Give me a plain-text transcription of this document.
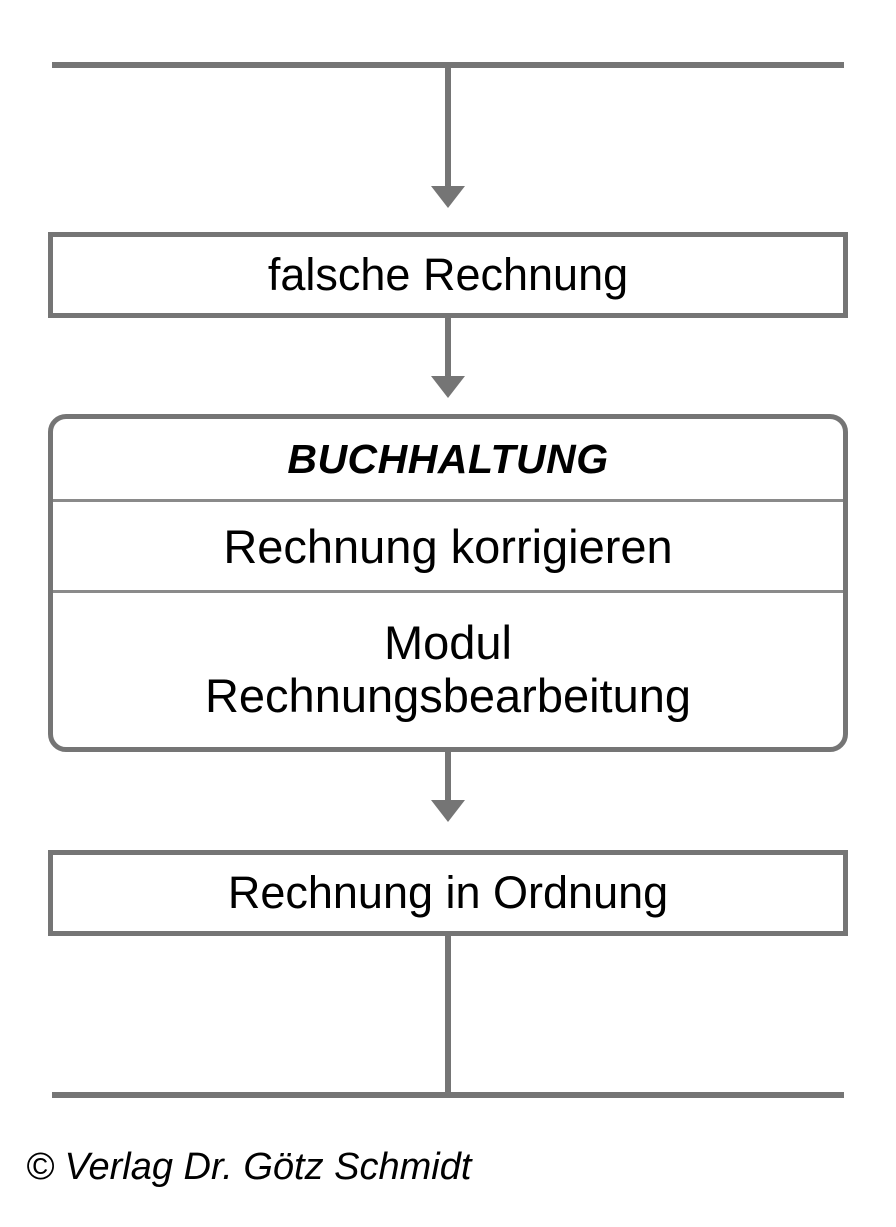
falsche Rechnung
BUCHHALTUNG
Rechnung korrigieren
Modul
Rechnungsbearbeitung
Rechnung in Ordnung
© Verlag Dr. Götz Schmidt
